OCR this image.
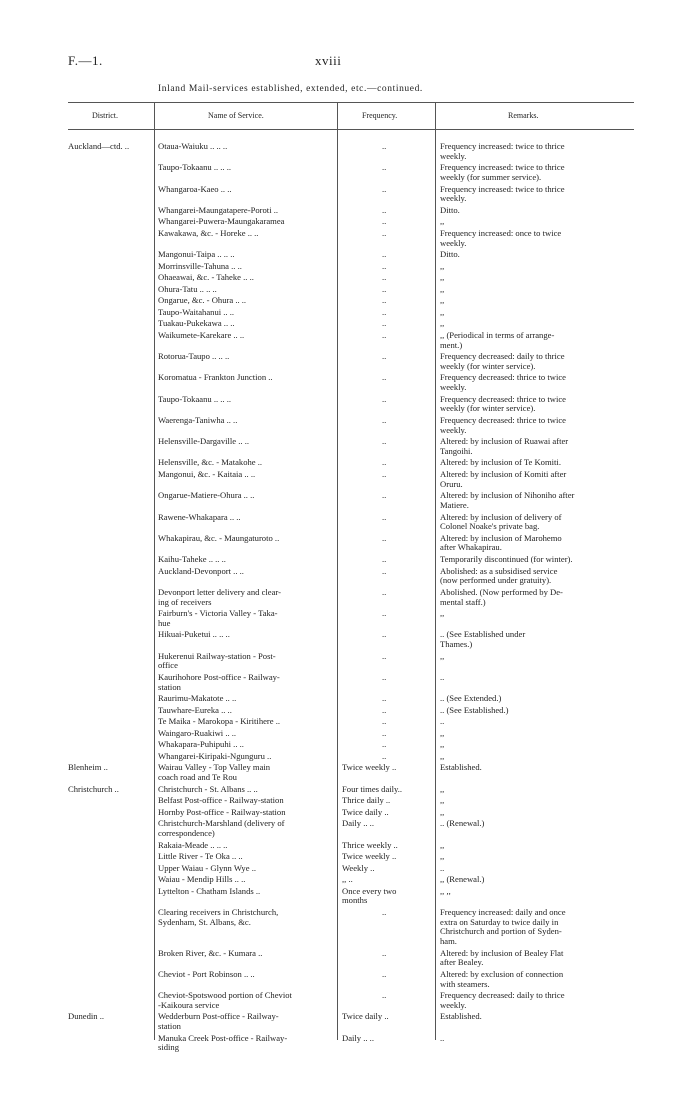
F.—1.	xviii
Inland Mail-services established, extended, etc.—continued.
District.	Name of Service.	Frequency.	Remarks.
Auckland—ctd. ..	Otaua-Waiuku .. .. ..	..	Frequency increased: twice to thrice
weekly.
Taupo-Tokaanu .. .. ..	..	Frequency increased: twice to thrice
weekly (for summer service).
Whangaroa-Kaeo .. ..	..	Frequency increased: twice to thrice
weekly.
Whangarei-Maungatapere-Poroti ..	..	Ditto.
Whangarei-Puwera-Maungakaramea	..	,,
Kawakawa, &c. - Horeke .. ..	..	Frequency increased: once to twice
weekly.
Mangonui-Taipa .. .. ..	..	Ditto.
Morrinsville-Tahuna .. ..	..	,,
Ohaeawai, &c. - Taheke .. ..	..	,,
Ohura-Tatu .. .. ..	..	,,
Ongarue, &c. - Ohura .. ..	..	,,
Taupo-Waitahanui .. ..	..	,,
Tuakau-Pukekawa .. ..	..	,,
Waikumete-Karekare .. ..	..	,, (Periodical in terms of arrange-
ment.)
Rotorua-Taupo .. .. ..	..	Frequency decreased: daily to thrice
weekly (for winter service).
Koromatua - Frankton Junction ..	..	Frequency decreased: thrice to twice
weekly.
Taupo-Tokaanu .. .. ..	..	Frequency decreased: thrice to twice
weekly (for winter service).
Waerenga-Taniwha .. ..	..	Frequency decreased: thrice to twice
weekly.
Helensville-Dargaville .. ..	..	Altered: by inclusion of Ruawai after
Tangoihi.
Helensville, &c. - Matakohe ..	..	Altered: by inclusion of Te Komiti.
Mangonui, &c. - Kaitaia .. ..	..	Altered: by inclusion of Komiti after
Oruru.
Ongarue-Matiere-Ohura .. ..	..	Altered: by inclusion of Nihoniho after
Matiere.
Rawene-Whakapara .. ..	..	Altered: by inclusion of delivery of
Colonel Noake's private bag.
Whakapirau, &c. - Maungaturoto ..	..	Altered: by inclusion of Marohemo
after Whakapirau.
Kaihu-Taheke .. .. ..	..	Temporarily discontinued (for winter).
Auckland-Devonport .. ..	..	Abolished: as a subsidised service
(now performed under gratuity).
Devonport letter delivery and clear-
ing of receivers
..	Abolished. (Now performed by De-
mental staff.)
Fairburn's - Victoria Valley - Taka-
hue
..	,,
Hikuai-Puketui .. .. ..	..	.. (See Established under
Thames.)
Hukerenui Railway-station - Post-
office
..	,,
Kaurihohore Post-office - Railway-
station
..	..
Raurimu-Makatote .. ..	..	.. (See Extended.)
Tauwhare-Eureka .. ..	..	.. (See Established.)
Te Maika - Marokopa - Kiritihere ..	..	..
Waingaro-Ruakiwi .. ..	..	,,
Whakapara-Puhipuhi .. ..	..	,,
Whangarei-Kiripaki-Ngunguru ..	..	,,
Blenheim ..	Wairau Valley - Top Valley main
coach road and Te Rou
Twice weekly ..	Established.
Christchurch ..	Christchurch - St. Albans .. ..	Four times daily..	,,
Belfast Post-office - Railway-station	Thrice daily ..	,,
Hornby Post-office - Railway-station	Twice daily ..	,,
Christchurch-Marshland (delivery of
correspondence)
Daily .. ..	.. (Renewal.)
Rakaia-Meade .. .. ..	Thrice weekly ..	,,
Little River - Te Oka .. ..	Twice weekly ..	,,
Upper Waiau - Glynn Wye ..	Weekly ..	..
Waiau - Mendip Hills .. ..	,, ..	,, (Renewal.)
Lyttelton - Chatham Islands ..	Once every two
months
,, ,,
Clearing receivers in Christchurch,
Sydenham, St. Albans, &c.
..	Frequency increased: daily and once
extra on Saturday to twice daily in
Christchurch and portion of Syden-
ham.
Broken River, &c. - Kumara ..	..	Altered: by inclusion of Bealey Flat
after Bealey.
Cheviot - Port Robinson .. ..	..	Altered: by exclusion of connection
with steamers.
Cheviot-Spotswood portion of Cheviot
-Kaikoura service
..	Frequency decreased: daily to thrice
weekly.
Dunedin ..	Wedderburn Post-office - Railway-
station
Twice daily ..	Established.
Manuka Creek Post-office - Railway-
siding
Daily .. ..	..
